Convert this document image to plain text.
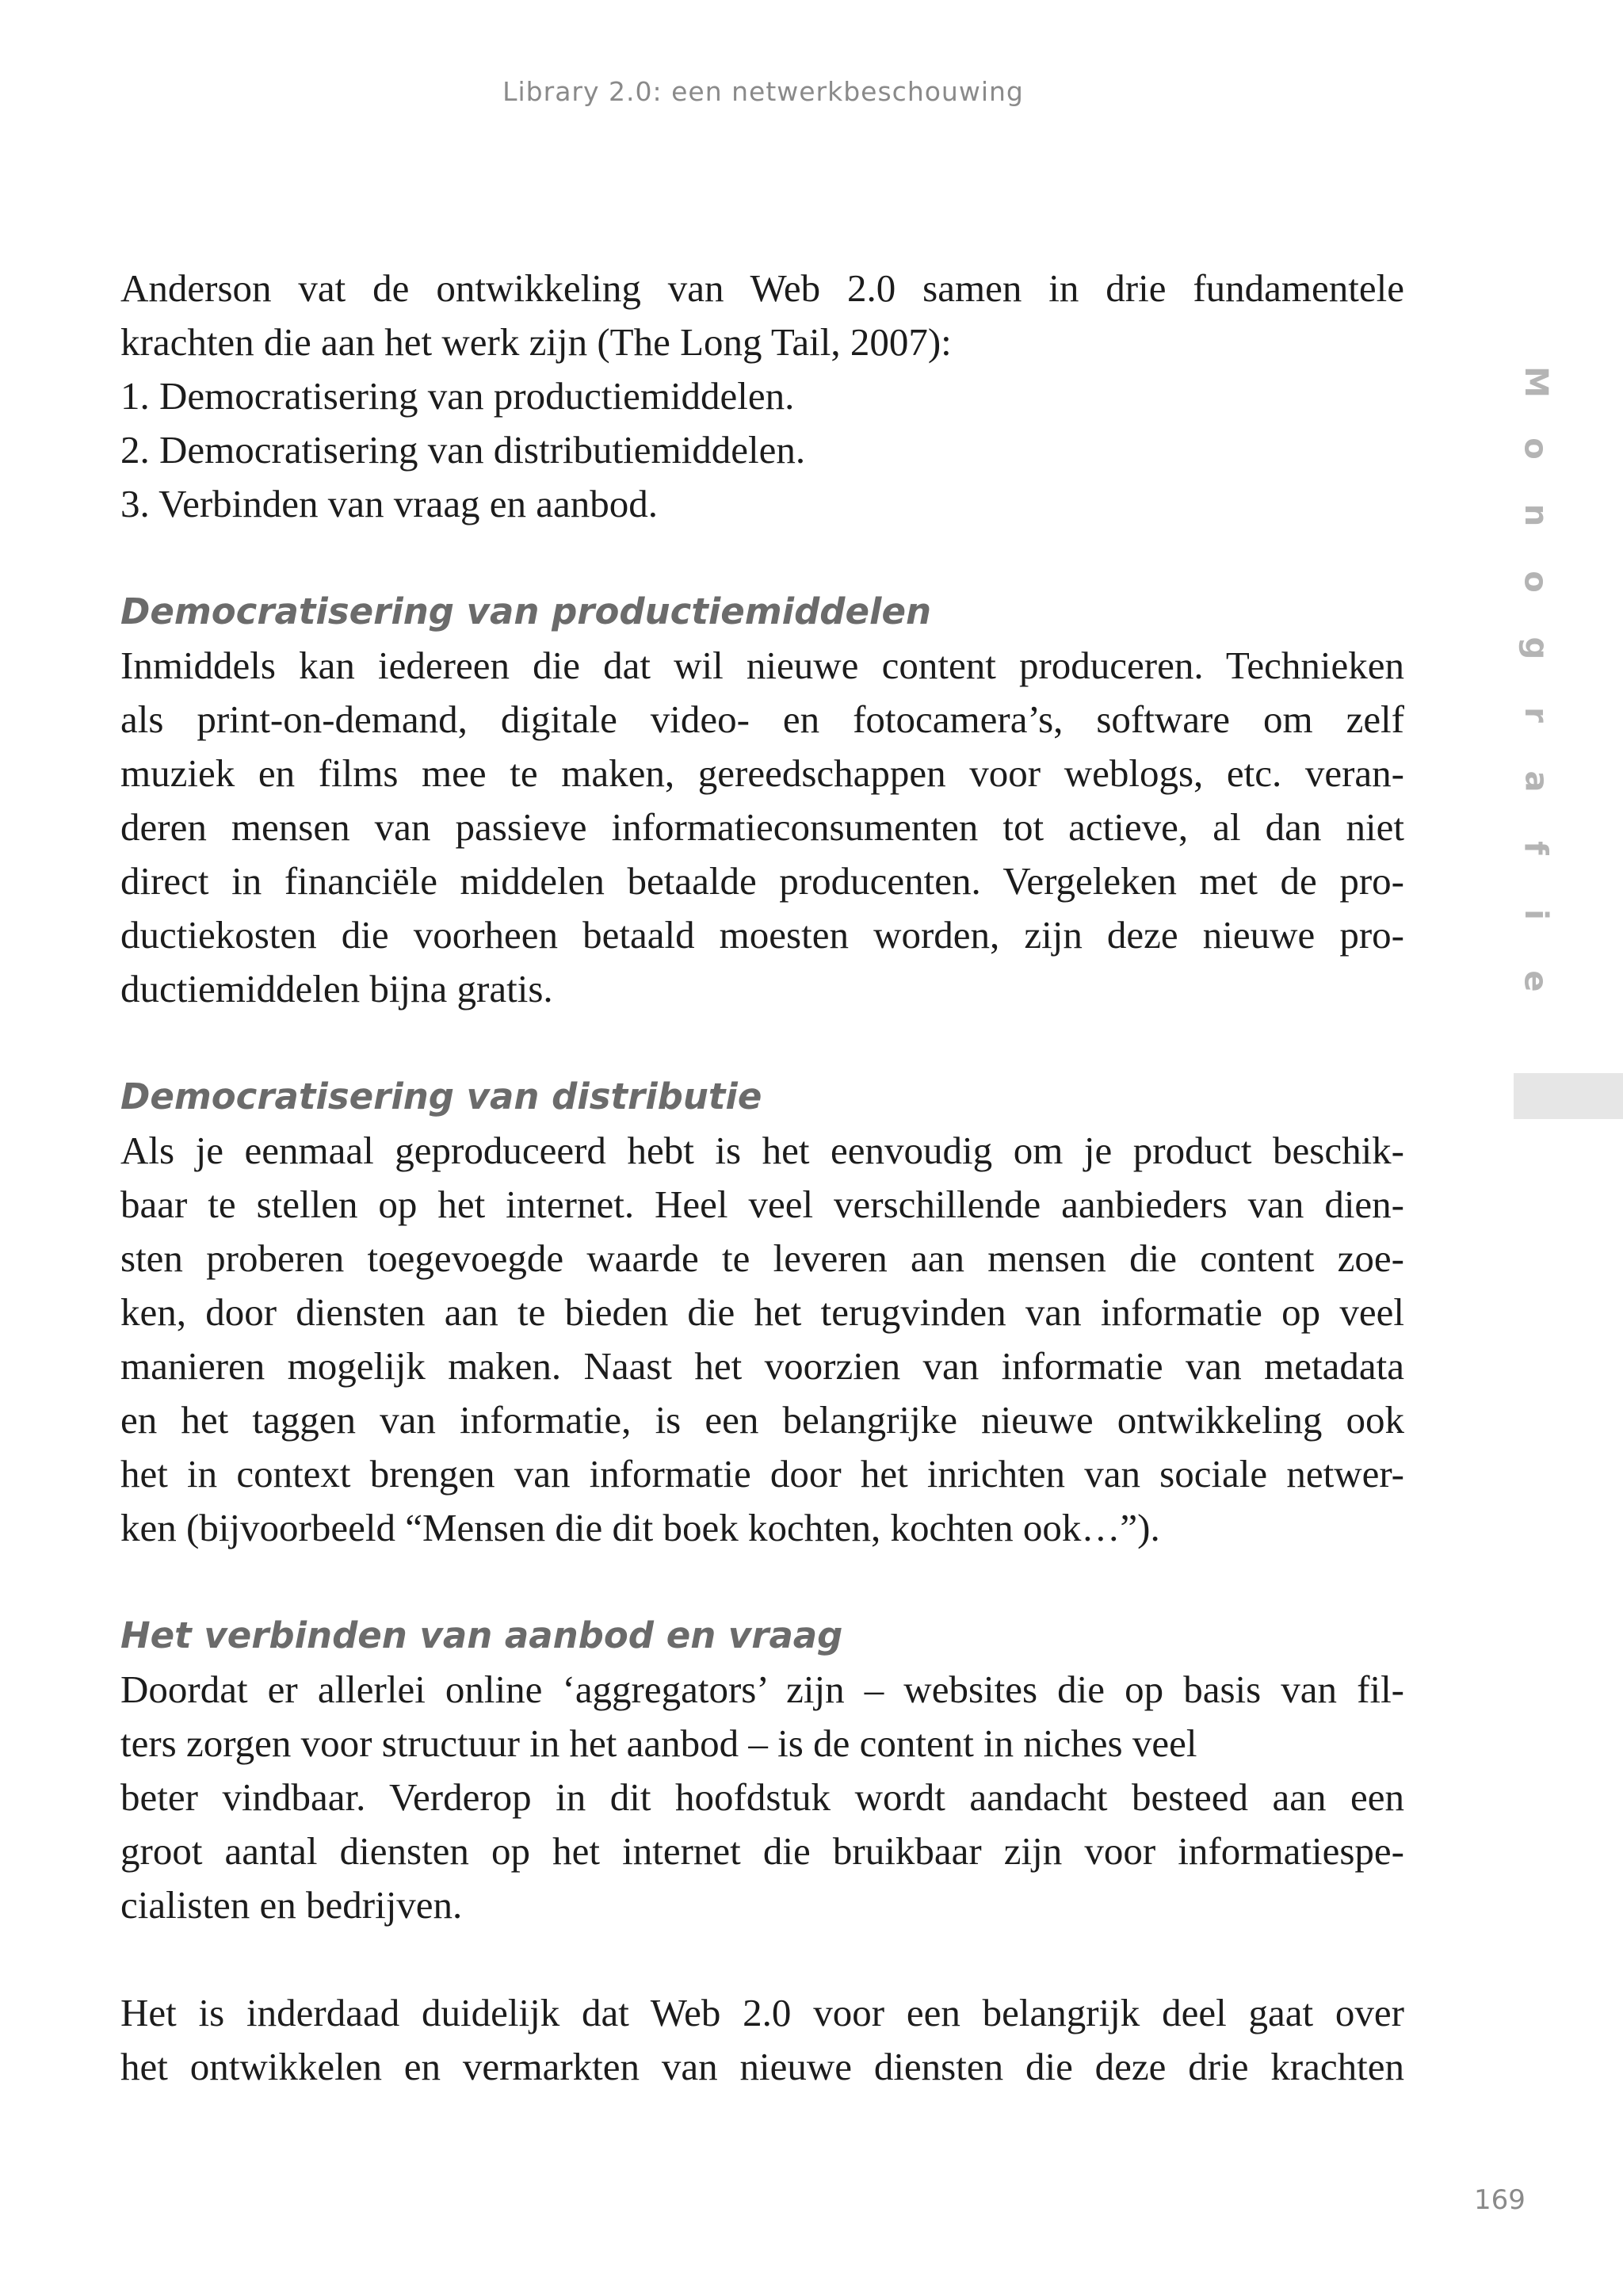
Library 2.0: een netwerkbeschouwing
Anderson vat de ontwikkeling van Web 2.0 samen in drie fundamentele
krachten die aan het werk zijn (The Long Tail, 2007):
1. Democratisering van productiemiddelen.
2. Democratisering van distributiemiddelen.
3. Verbinden van vraag en aanbod.
Democratisering van productiemiddelen
Inmiddels kan iedereen die dat wil nieuwe content produceren. Technieken
als print-on-demand, digitale video- en fotocamera’s, software om zelf
muziek en films mee te maken, gereedschappen voor weblogs, etc. veran-
deren mensen van passieve informatieconsumenten tot actieve, al dan niet
direct in financiële middelen betaalde producenten. Vergeleken met de pro-
ductiekosten die voorheen betaald moesten worden, zijn deze nieuwe pro-
ductiemiddelen bijna gratis.
Democratisering van distributie
Als je eenmaal geproduceerd hebt is het eenvoudig om je product beschik-
baar te stellen op het internet. Heel veel verschillende aanbieders van dien-
sten proberen toegevoegde waarde te leveren aan mensen die content zoe-
ken, door diensten aan te bieden die het terugvinden van informatie op veel
manieren mogelijk maken. Naast het voorzien van informatie van metadata
en het taggen van informatie, is een belangrijke nieuwe ontwikkeling ook
het in context brengen van informatie door het inrichten van sociale netwer-
ken (bijvoorbeeld “Mensen die dit boek kochten, kochten ook…”).
Het verbinden van aanbod en vraag
Doordat er allerlei online ‘aggregators’ zijn – websites die op basis van fil-
ters zorgen voor structuur in het aanbod – is de content in niches veel
beter vindbaar. Verderop in dit hoofdstuk wordt aandacht besteed aan een
groot aantal diensten op het internet die bruikbaar zijn voor informatiespe-
cialisten en bedrijven.
Het is inderdaad duidelijk dat Web 2.0 voor een belangrijk deel gaat over
het ontwikkelen en vermarkten van nieuwe diensten die deze drie krachten
M
o
n
o
g
r
a
f
i
e
169
